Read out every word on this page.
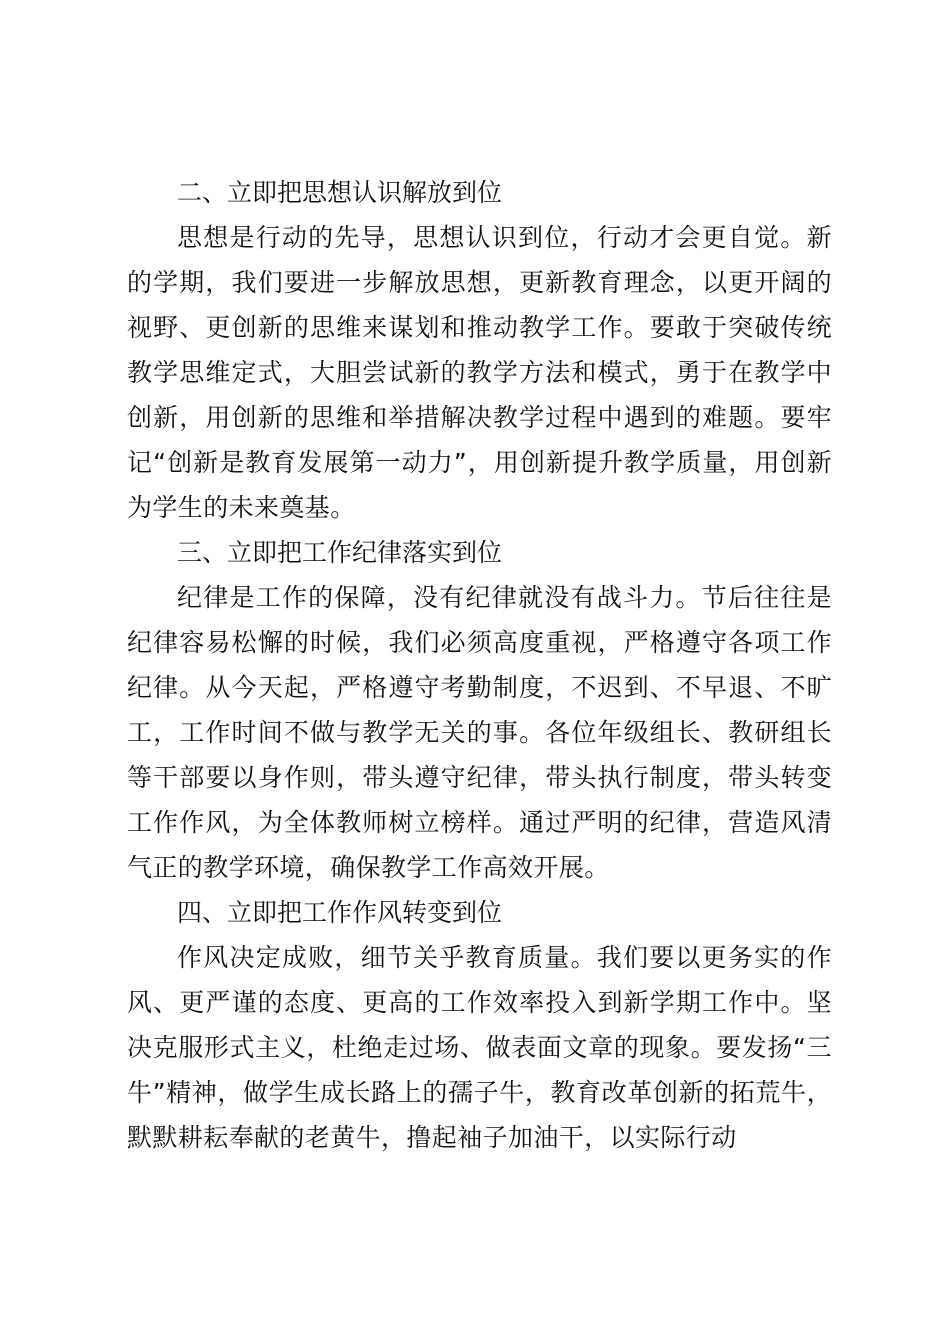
二、立即把思想认识解放到位

思想是行动的先导，思想认识到位，行动才会更自觉。新的学期，我们要进一步解放思想，更新教育理念，以更开阔的视野、更创新的思维来谋划和推动教学工作。要敢于突破传统教学思维定式，大胆尝试新的教学方法和模式，勇于在教学中创新，用创新的思维和举措解决教学过程中遇到的难题。要牢记“创新是教育发展第一动力”，用创新提升教学质量，用创新为学生的未来奠基。

三、立即把工作纪律落实到位

纪律是工作的保障，没有纪律就没有战斗力。节后往往是纪律容易松懈的时候，我们必须高度重视，严格遵守各项工作纪律。从今天起，严格遵守考勤制度，不迟到、不早退、不旷工，工作时间不做与教学无关的事。各位年级组长、教研组长等干部要以身作则，带头遵守纪律，带头执行制度，带头转变工作作风，为全体教师树立榜样。通过严明的纪律，营造风清气正的教学环境，确保教学工作高效开展。

四、立即把工作作风转变到位

作风决定成败，细节关乎教育质量。我们要以更务实的作风、更严谨的态度、更高的工作效率投入到新学期工作中。坚决克服形式主义，杜绝走过场、做表面文章的现象。要发扬“三牛”精神，做学生成长路上的孺子牛，教育改革创新的拓荒牛，默默耕耘奉献的老黄牛，撸起袖子加油干，以实际行动
